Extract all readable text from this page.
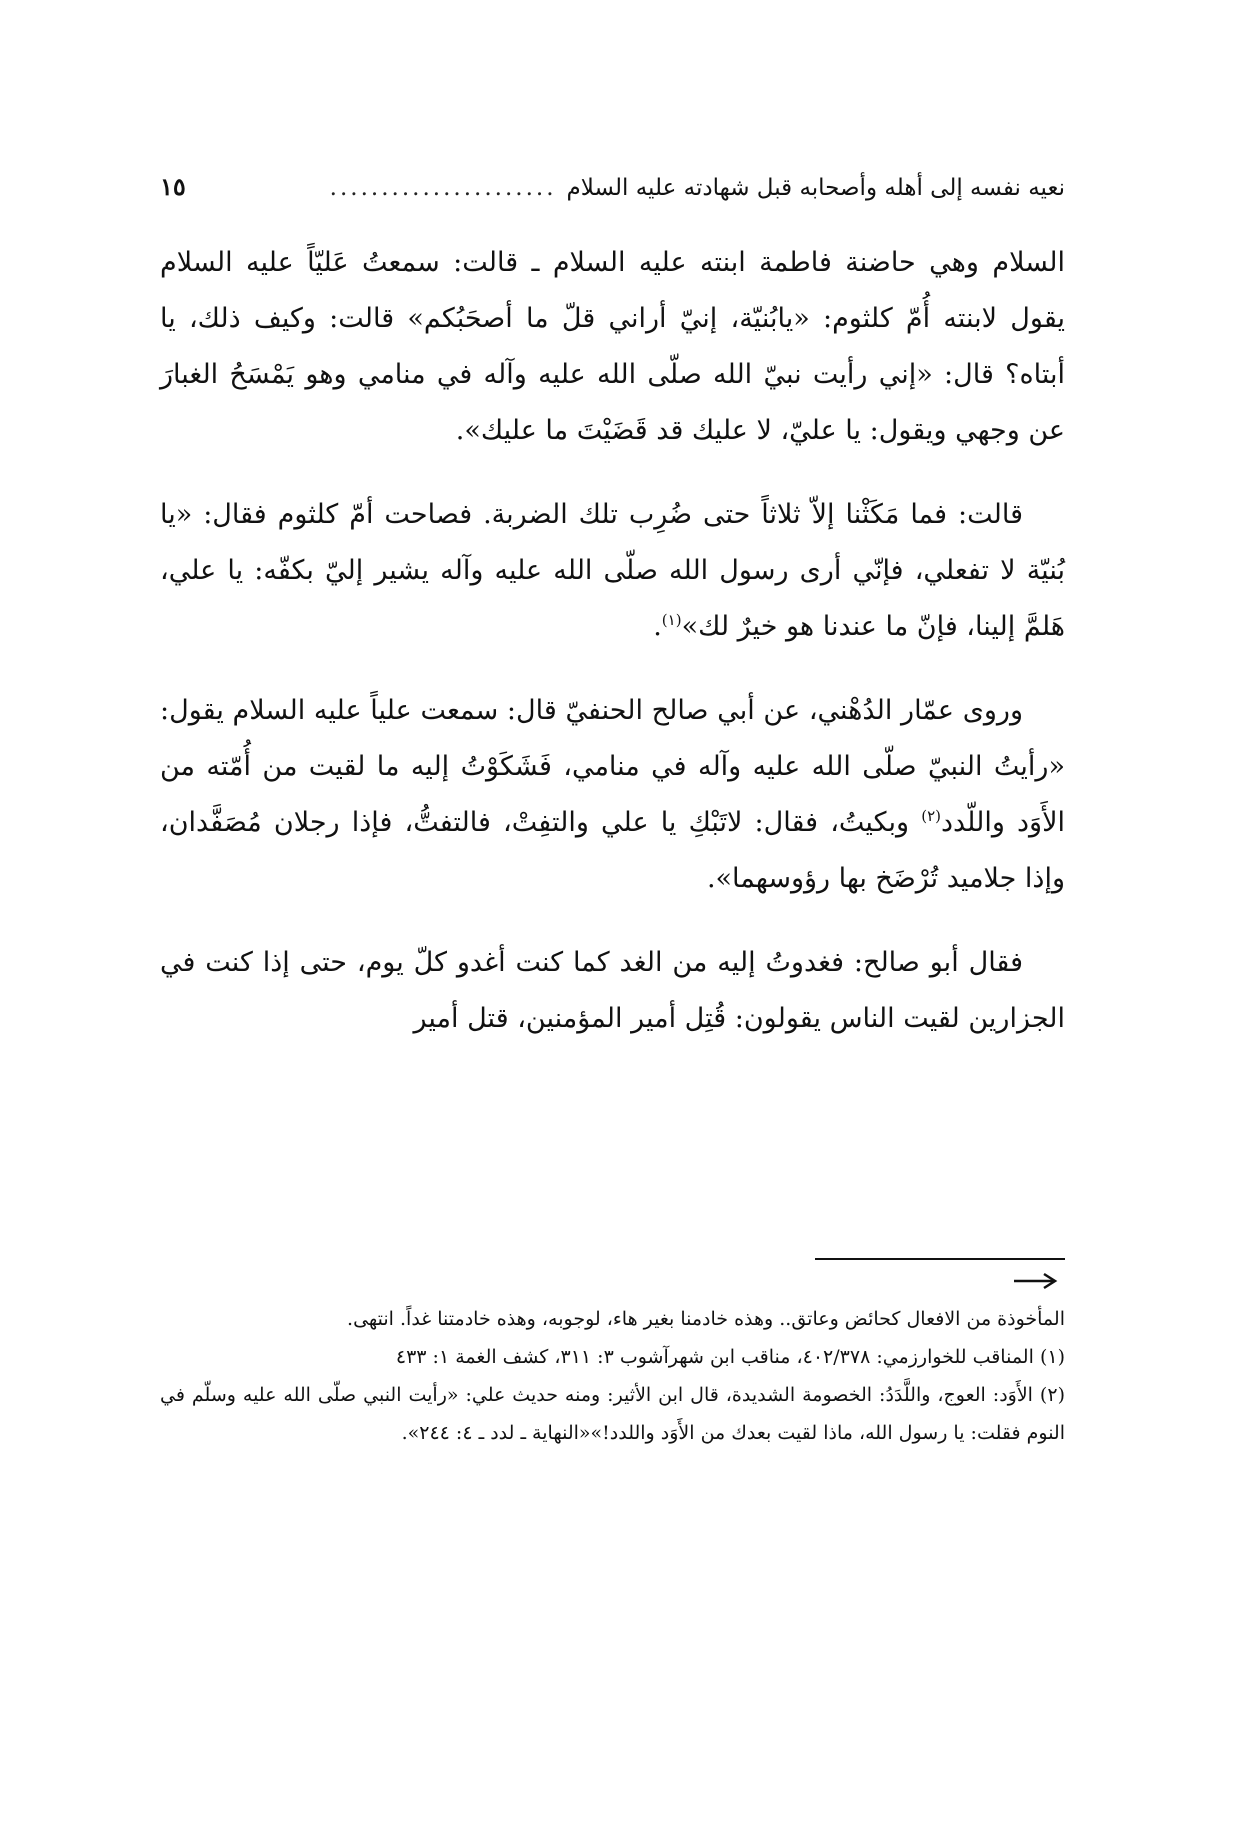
نعيه نفسه إلى أهله وأصحابه قبل شهادته عليه السلام
......................
١٥

السلام وهي حاضنة فاطمة ابنته عليه السلام ـ قالت: سمعتُ عَليّاً عليه السلام يقول لابنته أُمّ كلثوم: «يابُنيّة، إنيّ أراني قلّ ما أصحَبُكم» قالت: وكيف ذلك، يا أبتاه؟ قال: «إني رأيت نبيّ الله صلّى الله عليه وآله في منامي وهو يَمْسَحُ الغبارَ عن وجهي ويقول: يا عليّ، لا عليك قد قَضَيْتَ ما عليك».

قالت: فما مَكَثْنا إلاّ ثلاثاً حتى ضُرِب تلك الضربة. فصاحت أمّ كلثوم فقال: «يا بُنيّة لا تفعلي، فإنّي أرى رسول الله صلّى الله عليه وآله يشير إليّ بكفّه: يا علي، هَلمَّ إلينا، فإنّ ما عندنا هو خيرٌ لك»$^{(١)}$.

وروى عمّار الدُهْني، عن أبي صالح الحنفيّ قال: سمعت علياً عليه السلام يقول: «رأيتُ النبيّ صلّى الله عليه وآله في منامي، فَشَكَوْتُ إليه ما لقيت من أُمّته من الأَوَد واللّدد$^{(٢)}$ وبكيتُ، فقال: لاتَبْكِ يا علي والتفِتْ، فالتفتُّ، فإذا رجلان مُصَفَّدان، وإذا جلاميد تُرْضَخ بها رؤوسهما».

فقال أبو صالح: فغدوتُ إليه من الغد كما كنت أغدو كلّ يوم، حتى إذا كنت في الجزارين لقيت الناس يقولون: قُتِل أمير المؤمنين، قتل أمير

المأخوذة من الافعال كحائض وعاتق.. وهذه خادمنا بغير هاء، لوجوبه، وهذه خادمتنا غداً. انتهى.

(١) المناقب للخوارزمي: ٤٠٢/٣٧٨، مناقب ابن شهرآشوب ٣: ٣١١، كشف الغمة ١: ٤٣٣

(٢) الأَوَد: العوج، واللَّدَدُ: الخصومة الشديدة، قال ابن الأثير: ومنه حديث علي: «رأيت النبي صلّى الله عليه وسلّم في النوم فقلت: يا رسول الله، ماذا لقيت بعدك من الأَوَد واللدد!»«النهاية ـ لدد ـ ٤: ٢٤٤».
